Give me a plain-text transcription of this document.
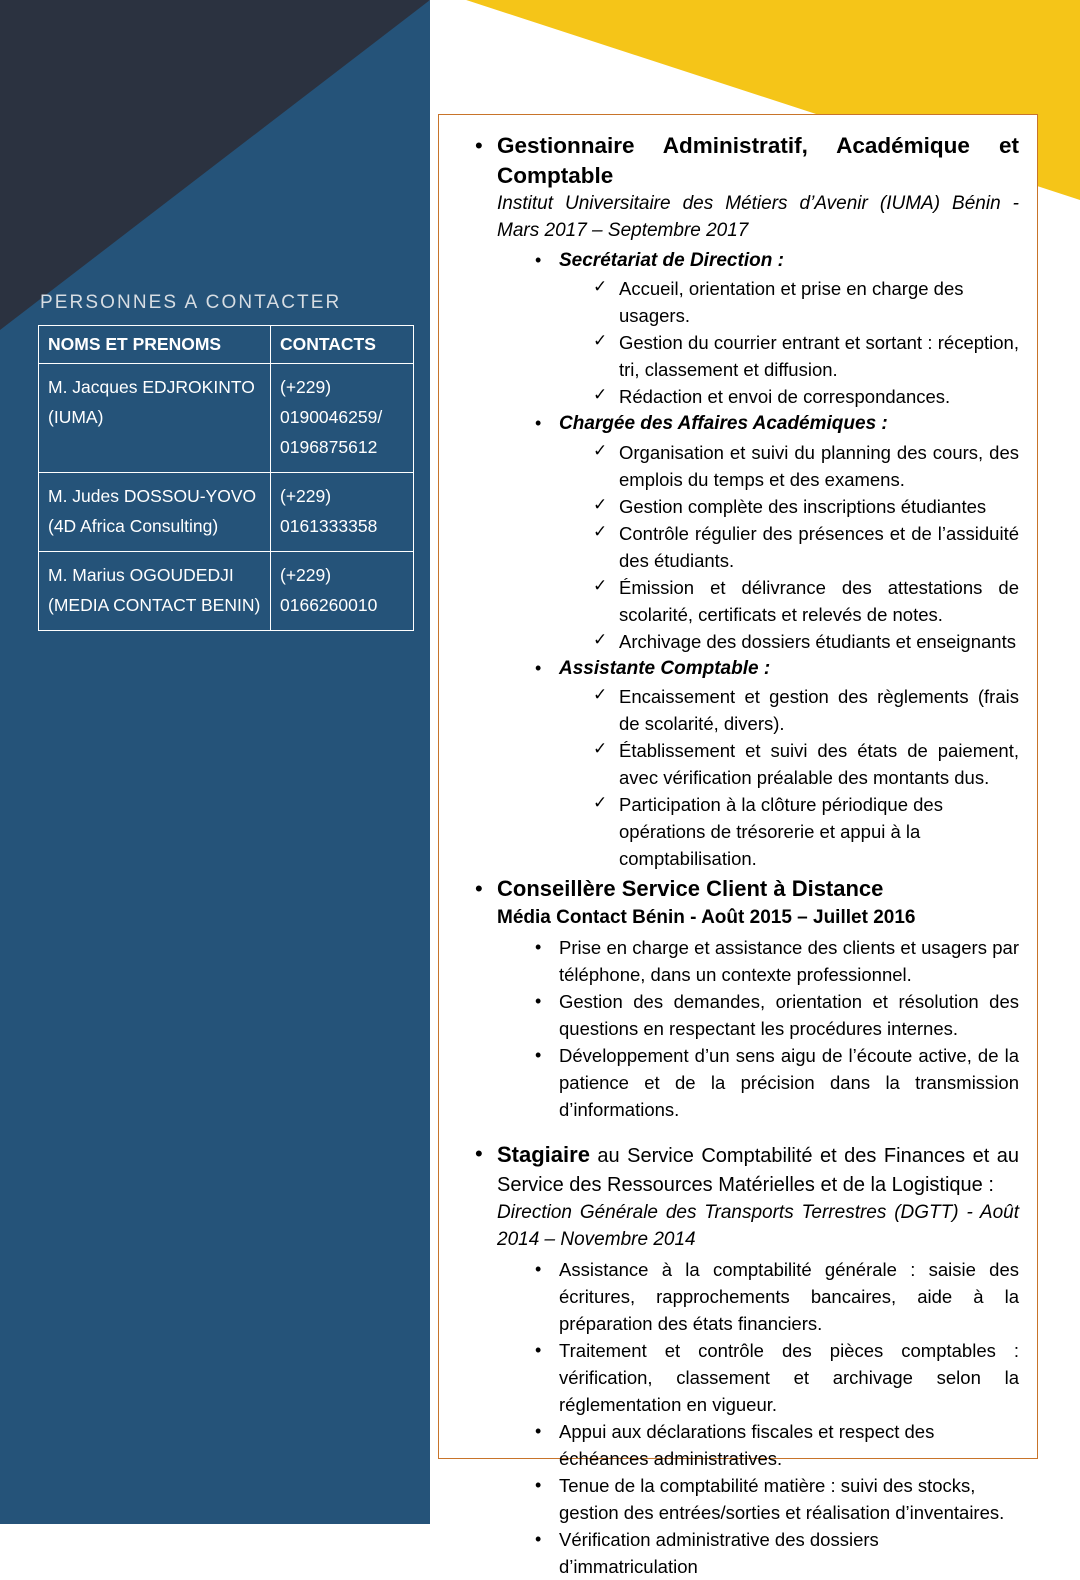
PERSONNES A CONTACTER
NOMS ET PRENOMS	CONTACTS
M. Jacques EDJROKINTO (IUMA)	(+229) 0190046259/ 0196875612
M. Judes DOSSOU-YOVO (4D Africa Consulting)	(+229) 0161333358
M. Marius OGOUDEDJI (MEDIA CONTACT BENIN)	(+229) 0166260010
• Gestionnaire Administratif, Académique et Comptable
Institut Universitaire des Métiers d’Avenir (IUMA) Bénin - Mars 2017 – Septembre 2017
• Secrétariat de Direction :
✓ Accueil, orientation et prise en charge des usagers.
✓ Gestion du courrier entrant et sortant : réception, tri, classement et diffusion.
✓ Rédaction et envoi de correspondances.
• Chargée des Affaires Académiques :
✓ Organisation et suivi du planning des cours, des emplois du temps et des examens.
✓ Gestion complète des inscriptions étudiantes
✓ Contrôle régulier des présences et de l’assiduité des étudiants.
✓ Émission et délivrance des attestations de scolarité, certificats et relevés de notes.
✓ Archivage des dossiers étudiants et enseignants
• Assistante Comptable :
✓ Encaissement et gestion des règlements (frais de scolarité, divers).
✓ Établissement et suivi des états de paiement, avec vérification préalable des montants dus.
✓ Participation à la clôture périodique des opérations de trésorerie et appui à la comptabilisation.
• Conseillère Service Client à Distance
Média Contact Bénin - Août 2015 – Juillet 2016
• Prise en charge et assistance des clients et usagers par téléphone, dans un contexte professionnel.
• Gestion des demandes, orientation et résolution des questions en respectant les procédures internes.
• Développement d’un sens aigu de l’écoute active, de la patience et de la précision dans la transmission d’informations.
• Stagiaire au Service Comptabilité et des Finances et au Service des Ressources Matérielles et de la Logistique :
Direction Générale des Transports Terrestres (DGTT) - Août 2014 – Novembre 2014
• Assistance à la comptabilité générale : saisie des écritures, rapprochements bancaires, aide à la préparation des états financiers.
• Traitement et contrôle des pièces comptables : vérification, classement et archivage selon la réglementation en vigueur.
• Appui aux déclarations fiscales et respect des échéances administratives.
• Tenue de la comptabilité matière : suivi des stocks, gestion des entrées/sorties et réalisation d’inventaires.
• Vérification administrative des dossiers d’immatriculation
